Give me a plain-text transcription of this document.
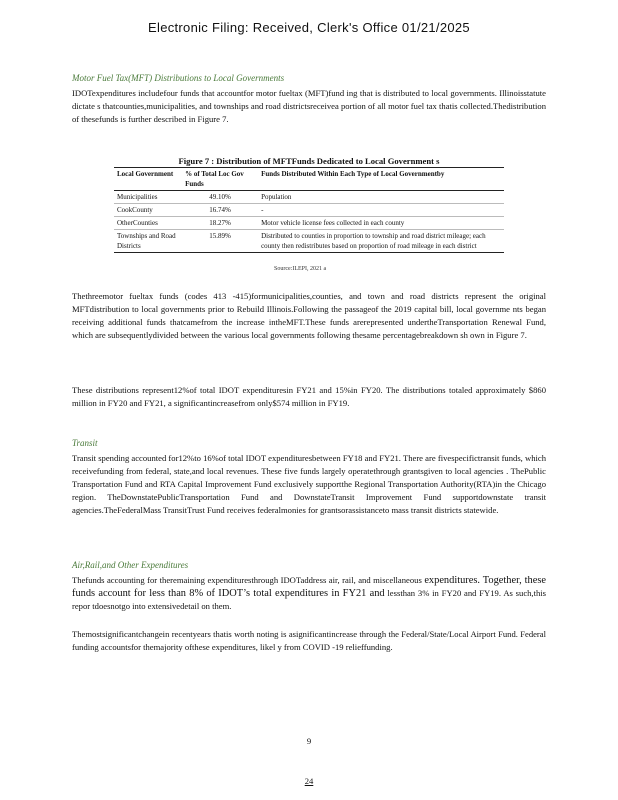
Electronic Filing: Received, Clerk's Office 01/21/2025
Motor Fuel Tax(MFT) Distributions to Local Governments
IDOTexpenditures includefour funds that accountfor motor fueltax (MFT)fund ing that is distributed to local governments. Illinoisstatute dictate s thatcounties,municipalities, and townships and road districtsreceivea portion of all motor fuel tax thatis collected.Thedistribution of thesefunds is further described in Figure 7.
Figure 7 : Distribution of MFTFunds Dedicated to Local Government s
Local Government	% of Total Loc Gov Funds	Funds Distributed Within Each Type of Local Governmentby
Municipalities	49.10%	Population
CookCounty	16.74%	-
OtherCounties	18.27%	Motor vehicle license fees collected in each county
Townships and Road Districts	15.89%	Distributed to counties in proportion to township and road district mileage; each county then redistributes based on proportion of road mileage in each district
Source:ILEPI, 2021 a
Thethreemotor fueltax funds (codes 413 -415)formunicipalities,counties, and town and road districts represent the original MFTdistribution to local governments prior to Rebuild Illinois.Following the passageof the 2019 capital bill, local governme nts began receiving additional funds thatcamefrom the increase intheMFT.These funds arerepresented undertheTransportation Renewal Fund, which are subsequentlydivided between the various local governments following thesame percentagebreakdown sh own in Figure 7.
These distributions represent12%of total IDOT expendituresin FY21 and 15%in FY20. The distributions totaled approximately $860 million in FY20 and FY21, a significantincreasefrom only$574 million in FY19.
Transit
Transit spending accounted for12%to 16%of total IDOT expendituresbetween FY18 and FY21. There are fivespecifictransit funds, which receivefunding from federal, state,and local revenues. These five funds largely operatethrough grantsgiven to local agencies . ThePublic Transportation Fund and RTA Capital Improvement Fund exclusively supportthe Regional Transportation Authority(RTA)in the Chicago region. TheDownstatePublicTransportation Fund and DownstateTransit Improvement Fund supportdownstate transit agencies.TheFederalMass TransitTrust Fund receives federalmonies for grantsorassistanceto mass transit districts statewide.
Air,Rail,and Other Expenditures
Thefunds accounting for theremaining expendituresthrough IDOTaddress air, rail, and miscellaneous expenditures. Together, these funds account for less than 8% of IDOT’s total expenditures in FY21 and lessthan 3% in FY20 and FY19. As such,this repor tdoesnotgo into extensivedetail on them.
Themostsignificantchangein recentyears thatis worth noting is asignificantincrease through the Federal/State/Local Airport Fund. Federal funding accountsfor themajority ofthese expenditures, likel y from COVID -19 relieffunding.
9
24
